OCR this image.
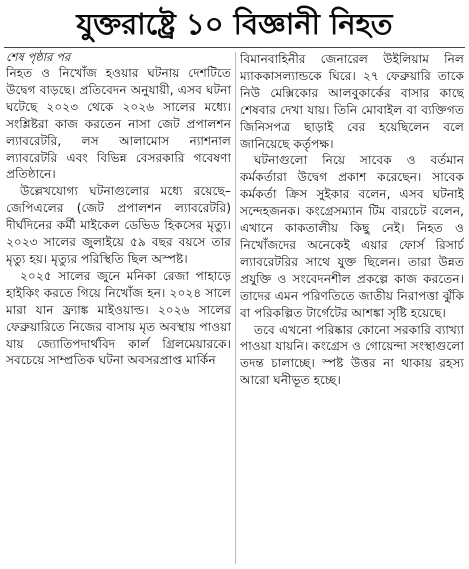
যুক্তরাষ্ট্রে ১০ বিজ্ঞানী নিহত

শেষ পৃষ্ঠার পর

নিহত ও নিখোঁজ হওয়ার ঘটনায় দেশটিতে উদ্বেগ বাড়ছে। প্রতিবেদন অনুযায়ী, এসব ঘটনা ঘটেছে ২০২৩ থেকে ২০২৬ সালের মধ্যে। সংশ্লিষ্টরা কাজ করতেন নাসা জেট প্রপালশন ল্যাবরেটরি, লস আলামোস ন্যাশনাল ল্যাবরেটরি এবং বিভিন্ন বেসরকারি গবেষণা প্রতিষ্ঠানে।

উল্লেখযোগ্য ঘটনাগুলোর মধ্যে রয়েছে– জেপিএলের (জেট প্রপালশন ল্যাবরেটরি) দীর্ঘদিনের কর্মী মাইকেল ডেভিড হিকসের মৃত্যু। ২০২৩ সালের জুলাইয়ে ৫৯ বছর বয়সে তার মৃত্যু হয়। মৃত্যুর পরিস্থিতি ছিল অস্পষ্ট।

২০২৫ সালের জুনে মনিকা রেজা পাহাড়ে হাইকিং করতে গিয়ে নিখোঁজ হন। ২০২৪ সালে মারা যান ফ্র্যাঙ্ক মাইওয়াল্ড। ২০২৬ সালের ফেব্রুয়ারিতে নিজের বাসায় মৃত অবস্থায় পাওয়া যায় জ্যোতিপদার্থবিদ কার্ল গ্রিলমেয়ারকে। সবচেয়ে সাম্প্রতিক ঘটনা অবসরপ্রাপ্ত মার্কিন

বিমানবাহিনীর জেনারেল উইলিয়াম নিল ম্যাককাসল্যান্ডকে ঘিরে। ২৭ ফেব্রুয়ারি তাকে নিউ মেক্সিকোর আলবুকার্কের বাসার কাছে শেষবার দেখা যায়। তিনি মোবাইল বা ব্যক্তিগত জিনিসপত্র ছাড়াই বের হয়েছিলেন বলে জানিয়েছে কর্তৃপক্ষ।

ঘটনাগুলো নিয়ে সাবেক ও বর্তমান কর্মকর্তারা উদ্বেগ প্রকাশ করেছেন। সাবেক কর্মকর্তা ক্রিস সুইকার বলেন, এসব ঘটনাই সন্দেহজনক। কংগ্রেসম্যান টিম বারচেট বলেন, এখানে কাকতালীয় কিছু নেই। নিহত ও নিখোঁজদের অনেকেই এয়ার ফোর্স রিসার্চ ল্যাবরেটরির সাথে যুক্ত ছিলেন। তারা উন্নত প্রযুক্তি ও সংবেদনশীল প্রকল্পে কাজ করতেন। তাদের এমন পরিণতিতে জাতীয় নিরাপত্তা ঝুঁকি বা পরিকল্পিত টার্গেটের আশঙ্কা সৃষ্টি হয়েছে।

তবে এখনো পরিষ্কার কোনো সরকারি ব্যাখ্যা পাওয়া যায়নি। কংগ্রেস ও গোয়েন্দা সংস্থাগুলো তদন্ত চালাচ্ছে। স্পষ্ট উত্তর না থাকায় রহস্য আরো ঘনীভূত হচ্ছে।
